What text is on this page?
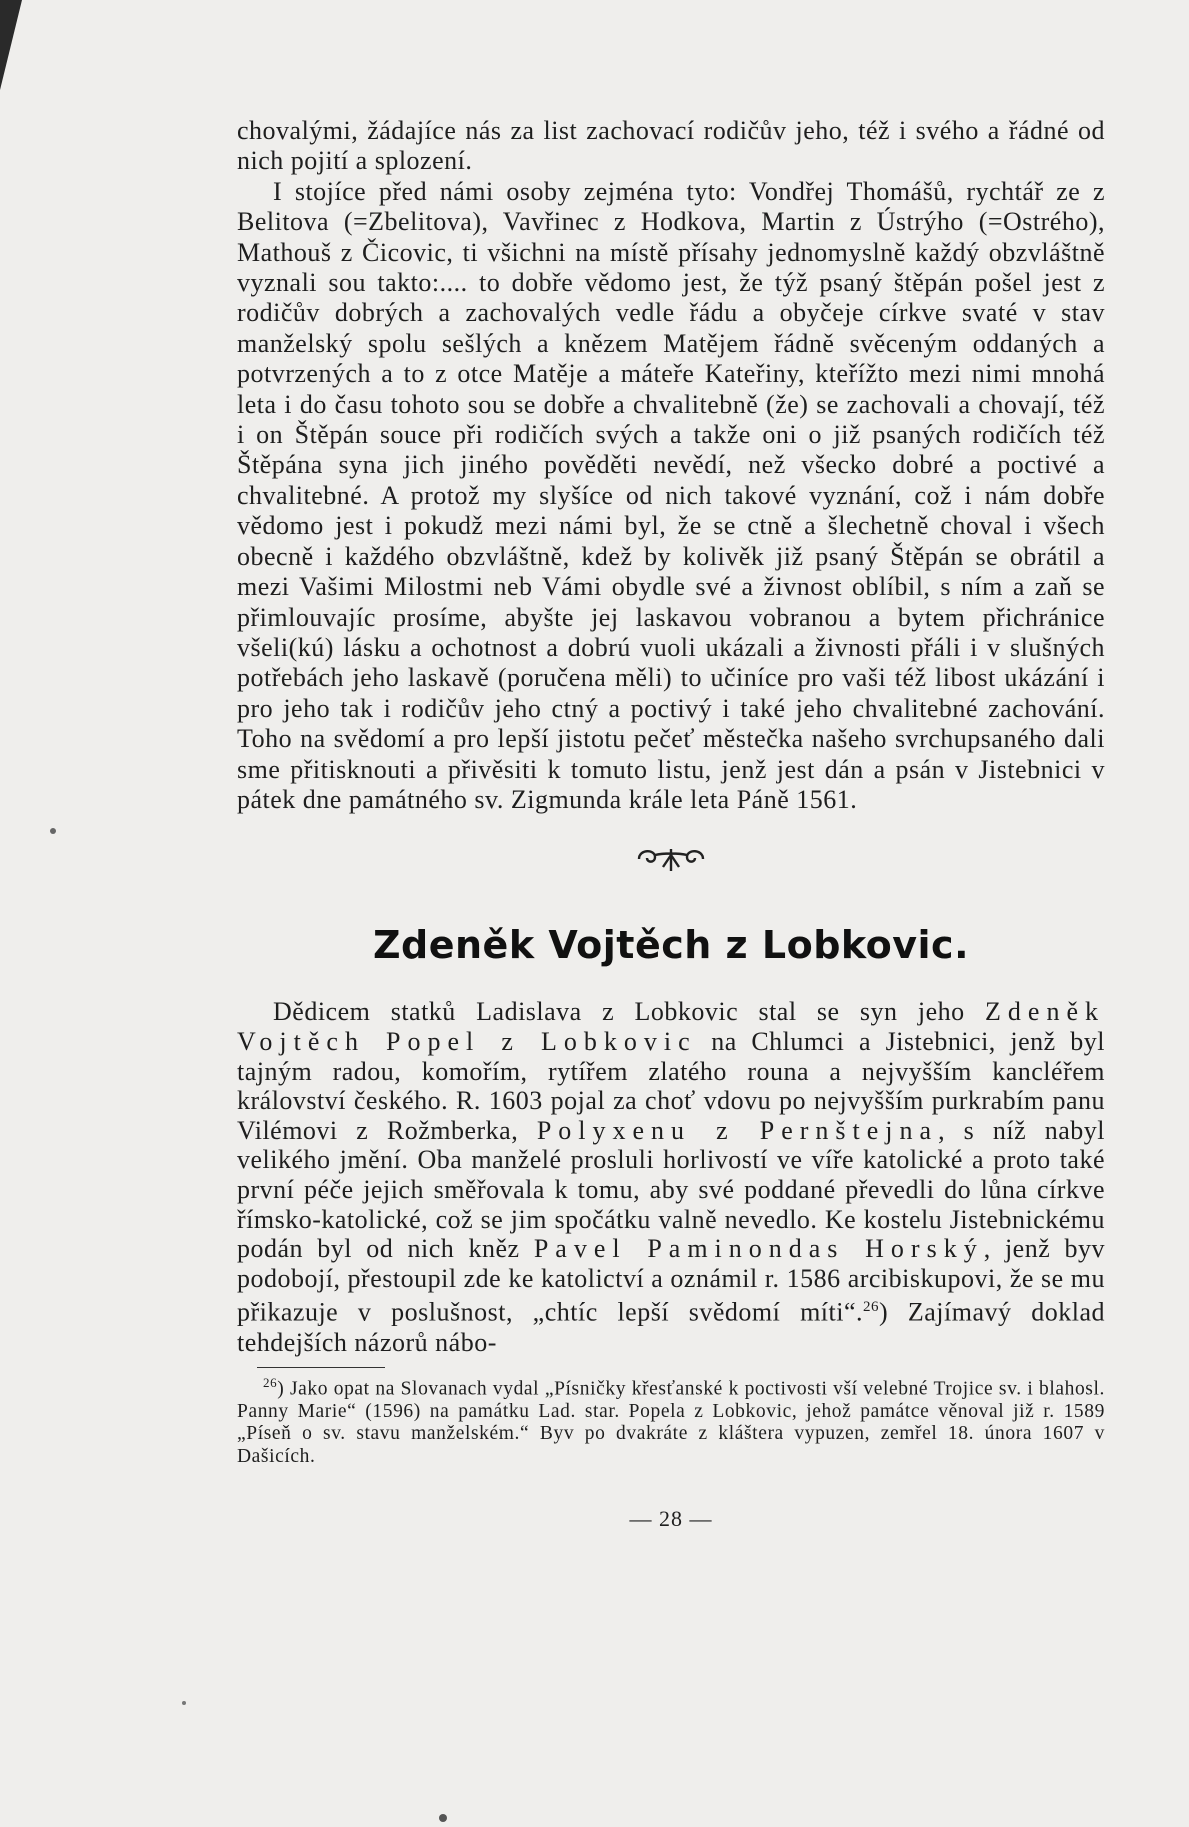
chovalými, žádajíce nás za list zachovací rodičův jeho, též i svého a řádné od nich pojití a splození.

I stojíce před námi osoby zejména tyto: Vondřej Thomášů, rychtář ze z Belitova (=Zbelitova), Vavřinec z Hodkova, Martin z Ústrýho (=Ostrého), Mathouš z Čicovic, ti všichni na místě přísahy jednomyslně každý obzvláštně vyznali sou takto:.... to dobře vědomo jest, že týž psaný štěpán pošel jest z rodičův dobrých a zachovalých vedle řádu a obyčeje církve svaté v stav manželský spolu sešlých a knězem Matějem řádně svěceným oddaných a potvrzených a to z otce Matěje a máteře Kateřiny, kteřížto mezi nimi mnohá leta i do času tohoto sou se dobře a chvalitebně (že) se zachovali a chovají, též i on Štěpán souce při rodičích svých a takže oni o již psaných rodičích též Štěpána syna jich jiného pověděti nevědí, než všecko dobré a poctivé a chvalitebné. A protož my slyšíce od nich takové vyznání, což i nám dobře vědomo jest i pokudž mezi námi byl, že se ctně a šlechetně choval i všech obecně i každého obzvláštně, kdež by kolivěk již psaný Štěpán se obrátil a mezi Vašimi Milostmi neb Vámi obydle své a živnost oblíbil, s ním a zaň se přimlouvajíc prosíme, abyšte jej laskavou vobranou a bytem přichránice všeli(kú) lásku a ochotnost a dobrú vuoli ukázali a živnosti přáli i v slušných potřebách jeho laskavě (poručena měli) to učiníce pro vaši též libost ukázání i pro jeho tak i rodičův jeho ctný a poctivý i také jeho chvalitebné zachování. Toho na svědomí a pro lepší jistotu pečeť městečka našeho svrchupsaného dali sme přitisknouti a přivěsiti k tomuto listu, jenž jest dán a psán v Jistebnici v pátek dne památného sv. Zigmunda krále leta Páně 1561.

Zdeněk Vojtěch z Lobkovic.

Dědicem statků Ladislava z Lobkovic stal se syn jeho Zdeněk Vojtěch Popel z Lobkovic na Chlumci a Jistebnici, jenž byl tajným radou, komořím, rytířem zlatého rouna a nejvyšším kancléřem království českého. R. 1603 pojal za choť vdovu po nejvyšším purkrabím panu Vilémovi z Rožmberka, Polyxenu z Pernštejna, s níž nabyl velikého jmění. Oba manželé prosluli horlivostí ve víře katolické a proto také první péče jejich směřovala k tomu, aby své poddané převedli do lůna církve římsko-katolické, což se jim spočátku valně nevedlo. Ke kostelu Jistebnickému podán byl od nich kněz Pavel Paminondas Horský, jenž byv podobojí, přestoupil zde ke katolictví a oznámil r. 1586 arcibiskupovi, že se mu přikazuje v poslušnost, „chtíc lepší svědomí míti“.$^{26}$) Zajímavý doklad tehdejších názorů nábo-

$^{26}$) Jako opat na Slovanach vydal „Písničky křesťanské k poctivosti vší velebné Trojice sv. i blahosl. Panny Marie“ (1596) na památku Lad. star. Popela z Lobkovic, jehož památce věnoval již r. 1589 „Píseň o sv. stavu manželském.“ Byv po dvakráte z kláštera vypuzen, zemřel 18. února 1607 v Dašicích.

— 28 —
